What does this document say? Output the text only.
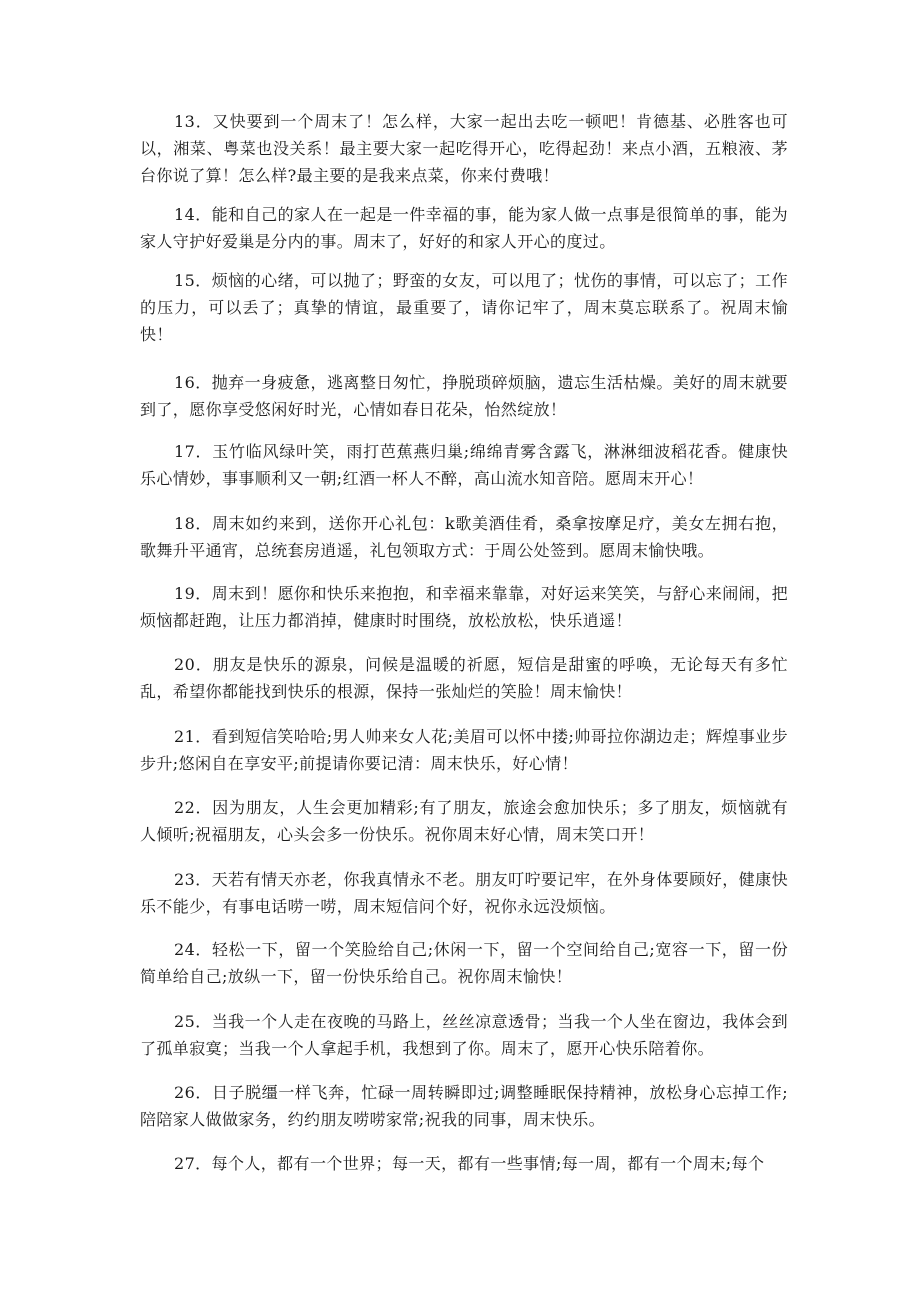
13．又快要到一个周末了！怎么样，大家一起出去吃一顿吧！肯德基、必胜客也可以，湘菜、粤菜也没关系！最主要大家一起吃得开心，吃得起劲！来点小酒，五粮液、茅台你说了算！怎么样?最主要的是我来点菜，你来付费哦！

14．能和自己的家人在一起是一件幸福的事，能为家人做一点事是很简单的事，能为家人守护好爱巢是分内的事。周末了，好好的和家人开心的度过。

15．烦恼的心绪，可以抛了；野蛮的女友，可以甩了；忧伤的事情，可以忘了；工作的压力，可以丢了；真挚的情谊，最重要了，请你记牢了，周末莫忘联系了。祝周末愉快！

16．抛弃一身疲惫，逃离整日匆忙，挣脱琐碎烦脑，遗忘生活枯燥。美好的周末就要到了，愿你享受悠闲好时光，心情如春日花朵，怡然绽放！

17．玉竹临风绿叶笑，雨打芭蕉燕归巢;绵绵青雾含露飞，淋淋细波稻花香。健康快乐心情妙，事事顺利又一朝;红酒一杯人不醉，高山流水知音陪。愿周末开心！

18．周末如约来到，送你开心礼包：k歌美酒佳肴，桑拿按摩足疗，美女左拥右抱，歌舞升平通宵，总统套房逍遥，礼包领取方式：于周公处签到。愿周末愉快哦。

19．周末到！愿你和快乐来抱抱，和幸福来靠靠，对好运来笑笑，与舒心来闹闹，把烦恼都赶跑，让压力都消掉，健康时时围绕，放松放松，快乐逍遥！

20．朋友是快乐的源泉，问候是温暖的祈愿，短信是甜蜜的呼唤，无论每天有多忙乱，希望你都能找到快乐的根源，保持一张灿烂的笑脸！周末愉快！

21．看到短信笑哈哈;男人帅来女人花;美眉可以怀中搂;帅哥拉你湖边走；辉煌事业步步升;悠闲自在享安平;前提请你要记清：周末快乐，好心情！

22．因为朋友，人生会更加精彩;有了朋友，旅途会愈加快乐；多了朋友，烦恼就有人倾听;祝福朋友，心头会多一份快乐。祝你周末好心情，周末笑口开！

23．天若有情天亦老，你我真情永不老。朋友叮咛要记牢，在外身体要顾好，健康快乐不能少，有事电话唠一唠，周末短信问个好，祝你永远没烦恼。

24．轻松一下，留一个笑脸给自己;休闲一下，留一个空间给自己;宽容一下，留一份简单给自己;放纵一下，留一份快乐给自己。祝你周末愉快！

25．当我一个人走在夜晚的马路上，丝丝凉意透骨；当我一个人坐在窗边，我体会到了孤单寂寞；当我一个人拿起手机，我想到了你。周末了，愿开心快乐陪着你。

26．日子脱缰一样飞奔，忙碌一周转瞬即过;调整睡眠保持精神，放松身心忘掉工作;陪陪家人做做家务，约约朋友唠唠家常;祝我的同事，周末快乐。

27．每个人，都有一个世界；每一天，都有一些事情;每一周，都有一个周末;每个
